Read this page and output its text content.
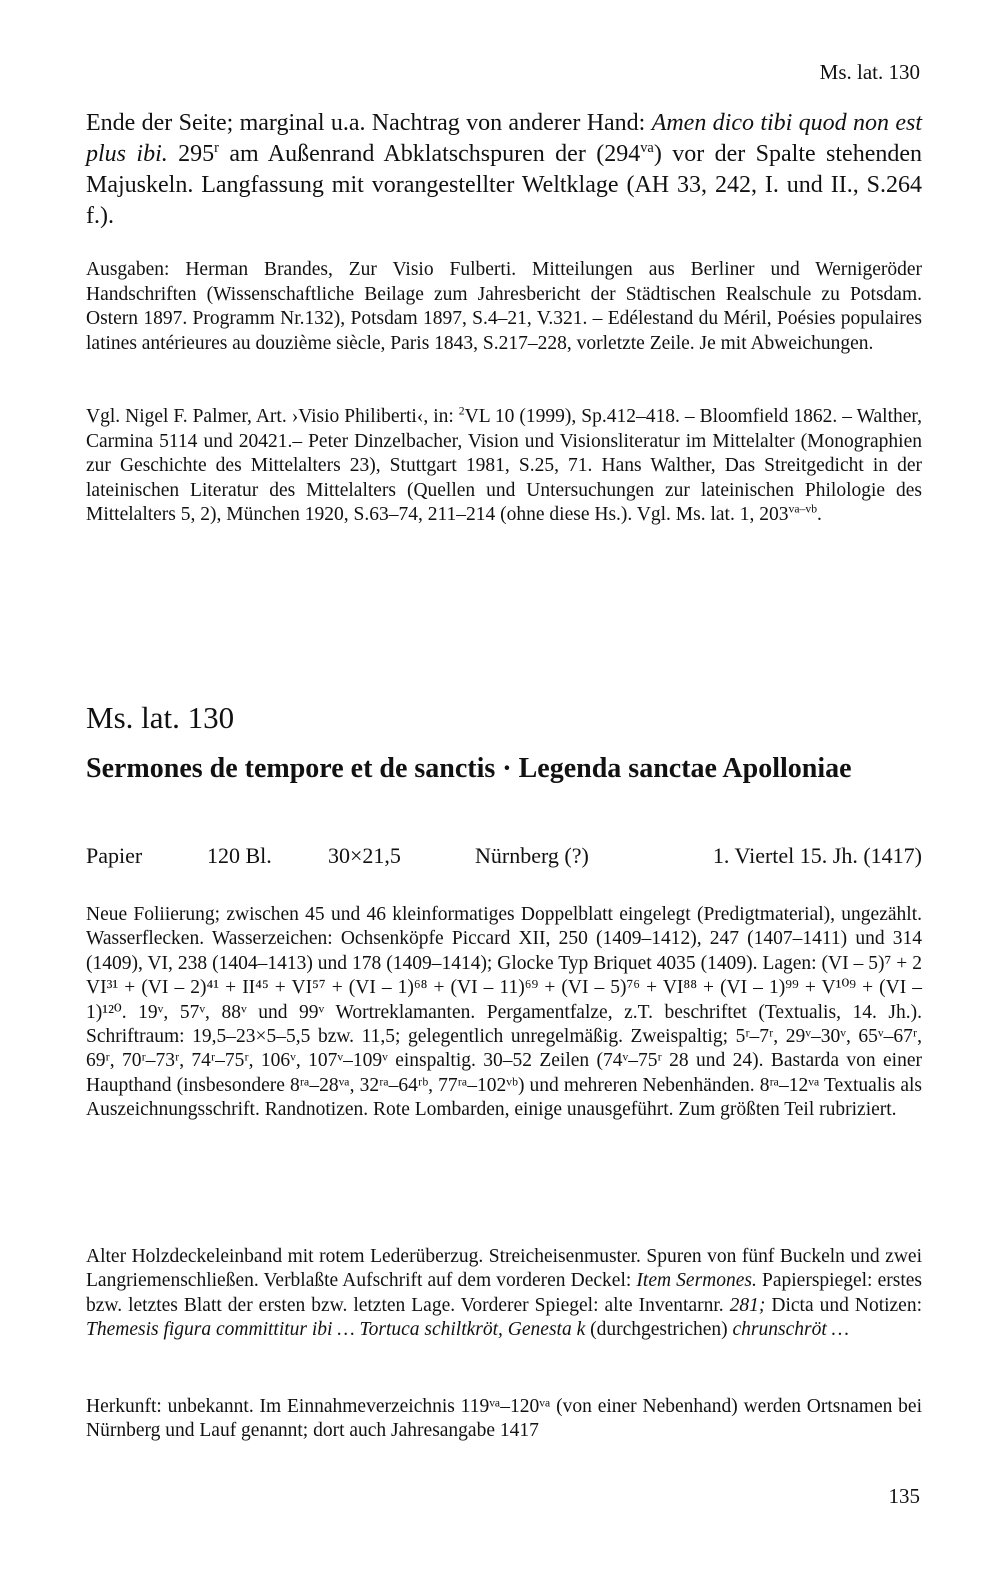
Ms. lat. 130

Ende der Seite; marginal u.a. Nachtrag von anderer Hand: Amen dico tibi quod non est plus ibi. 295$^r$ am Außenrand Abklatschspuren der $(294^{va})$ vor der Spalte stehenden Majuskeln. Langfassung mit vorangestellter Weltklage (AH 33, 242, I. und II., S.264 f.).

Ausgaben: Herman Brandes, Zur Visio Fulberti. Mitteilungen aus Berliner und Wernigeröder Handschriften (Wissenschaftliche Beilage zum Jahresbericht der Städtischen Realschule zu Potsdam. Ostern 1897. Programm Nr.132), Potsdam 1897, S.4–21, V.321. – Edélestand du Méril, Poésies populaires latines antérieures au douzième siècle, Paris 1843, S.217–228, vorletzte Zeile. Je mit Abweichungen.

Vgl. Nigel F. Palmer, Art. ›Visio Philiberti‹, in: $^2$VL 10 (1999), Sp.412–418. – Bloomfield 1862. – Walther, Carmina 5114 und 20421.– Peter Dinzelbacher, Vision und Visionsliteratur im Mittelalter (Monographien zur Geschichte des Mittelalters 23), Stuttgart 1981, S.25, 71. Hans Walther, Das Streitgedicht in der lateinischen Literatur des Mittelalters (Quellen und Untersuchungen zur lateinischen Philologie des Mittelalters 5, 2), München 1920, S.63–74, 211–214 (ohne diese Hs.). Vgl. Ms. lat. 1, $203^{va-vb}$.

Ms. lat. 130
Sermones de tempore et de sanctis · Legenda sanctae Apolloniae
Papier	120 Bl.	30×21,5	Nürnberg (?)	1. Viertel 15. Jh. (1417)

Neue Foliierung; zwischen 45 und 46 kleinformatiges Doppelblatt eingelegt (Predigtmaterial), ungezählt. Wasserflecken. Wasserzeichen: Ochsenköpfe Piccard XII, 250 (1409–1412), 247 (1407–1411) und 314 (1409), VI, 238 (1404–1413) und 178 (1409–1414); Glocke Typ Briquet 4035 (1409). Lagen: (VI – 5)⁷ + 2 VI³¹ + (VI – 2)⁴¹ + II⁴⁵ + VI⁵⁷ + (VI – 1)⁶⁸ + (VI – 11)⁶⁹ + (VI – 5)⁷⁶ + VI⁸⁸ + (VI – 1)⁹⁹ + V¹⁰⁹ + (VI – 1)¹²⁰. 19ᵛ, 57ᵛ, 88ᵛ und 99ᵛ Wortreklamanten. Pergamentfalze, z.T. beschriftet (Textualis, 14. Jh.). Schriftraum: 19,5–23×5–5,5 bzw. 11,5; gelegentlich unregelmäßig. Zweispaltig; 5ʳ–7ʳ, 29ᵛ–30ᵛ, 65ᵛ–67ʳ, 69ʳ, 70ʳ–73ʳ, 74ʳ–75ʳ, 106ᵛ, 107ᵛ–109ᵛ einspaltig. 30–52 Zeilen (74ᵛ–75ʳ 28 und 24). Bastarda von einer Haupthand (insbesondere 8ʳᵃ–28ᵛᵃ, 32ʳᵃ–64ʳᵇ, 77ʳᵃ–102ᵛᵇ) und mehreren Nebenhänden. 8ʳᵃ–12ᵛᵃ Textualis als Auszeichnungsschrift. Randnotizen. Rote Lombarden, einige unausgeführt. Zum größten Teil rubriziert.

Alter Holzdeckeleinband mit rotem Lederüberzug. Streicheisenmuster. Spuren von fünf Buckeln und zwei Langriemenschließen. Verblaßte Aufschrift auf dem vorderen Deckel: Item Sermones. Papierspiegel: erstes bzw. letztes Blatt der ersten bzw. letzten Lage. Vorderer Spiegel: alte Inventarnr. 281; Dicta und Notizen: Themesis figura committitur ibi … Tortuca schiltkröt, Genesta k (durchgestrichen) chrunschröt …

Herkunft: unbekannt. Im Einnahmeverzeichnis 119ᵛᵃ–120ᵛᵃ (von einer Nebenhand) werden Ortsnamen bei Nürnberg und Lauf genannt; dort auch Jahresangabe 1417

135
